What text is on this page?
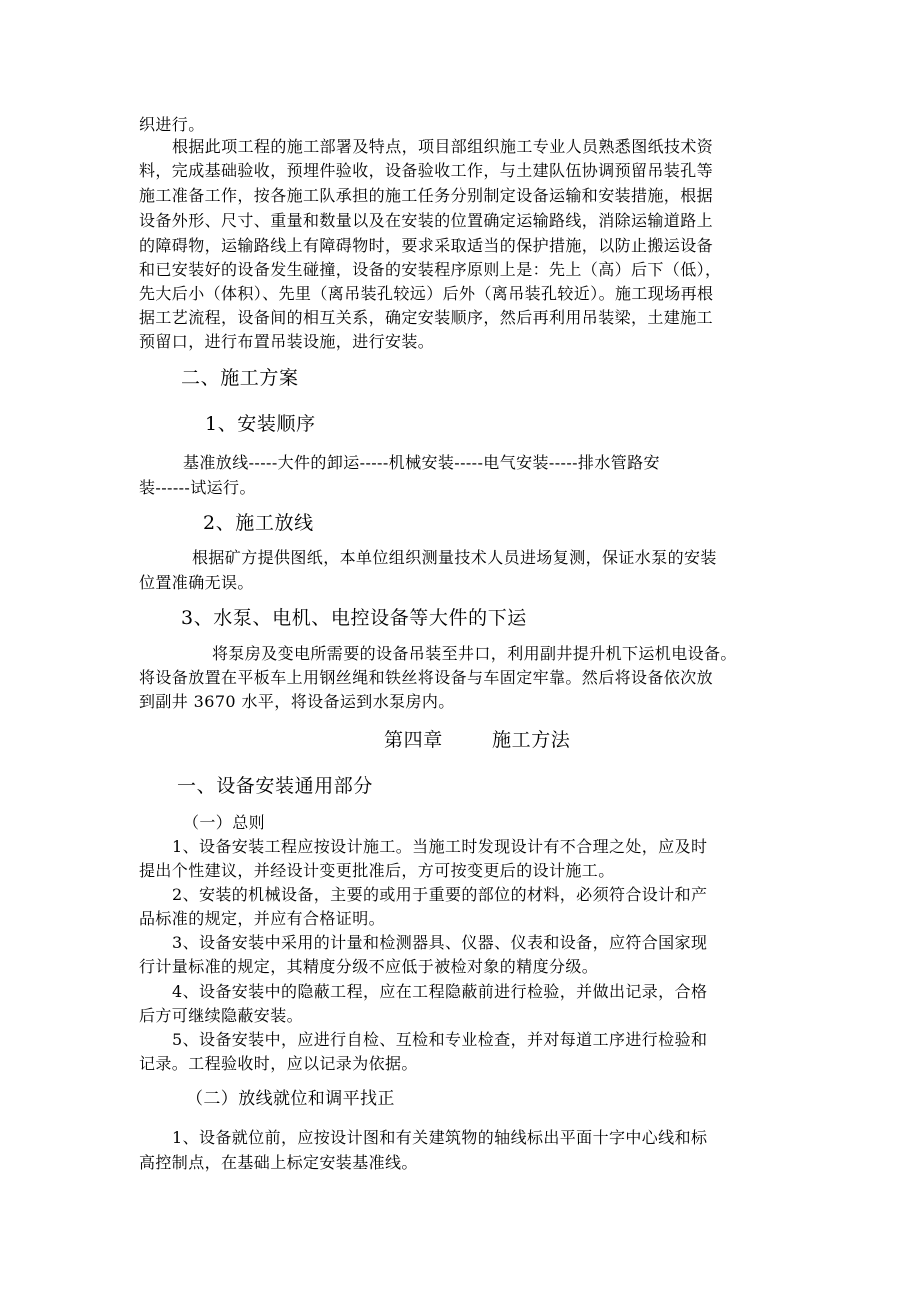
织进行。
根据此项工程的施工部署及特点，项目部组织施工专业人员熟悉图纸技术资
料，完成基础验收，预埋件验收，设备验收工作，与土建队伍协调预留吊装孔等
施工准备工作，按各施工队承担的施工任务分别制定设备运输和安装措施，根据
设备外形、尺寸、重量和数量以及在安装的位置确定运输路线，消除运输道路上
的障碍物，运输路线上有障碍物时，要求采取适当的保护措施，以防止搬运设备
和已安装好的设备发生碰撞，设备的安装程序原则上是：先上（高）后下（低），
先大后小（体积）、先里（离吊装孔较远）后外（离吊装孔较近）。施工现场再根
据工艺流程，设备间的相互关系，确定安装顺序，然后再利用吊装梁，土建施工
预留口，进行布置吊装设施，进行安装。
二、施工方案
1、安装顺序
基准放线-----大件的卸运-----机械安装-----电气安装-----排水管路安
装------试运行。
2、施工放线
根据矿方提供图纸，本单位组织测量技术人员进场复测，保证水泵的安装
位置准确无误。
3、水泵、电机、电控设备等大件的下运
将泵房及变电所需要的设备吊装至井口，利用副井提升机下运机电设备。
将设备放置在平板车上用钢丝绳和铁丝将设备与车固定牢靠。然后将设备依次放
到副井 3670 水平，将设备运到水泵房内。
第四章	施工方法
一、设备安装通用部分
（一）总则
1、设备安装工程应按设计施工。当施工时发现设计有不合理之处，应及时
提出个性建议，并经设计变更批准后，方可按变更后的设计施工。
2、安装的机械设备，主要的或用于重要的部位的材料，必须符合设计和产
品标准的规定，并应有合格证明。
3、设备安装中采用的计量和检测器具、仪器、仪表和设备，应符合国家现
行计量标准的规定，其精度分级不应低于被检对象的精度分级。
4、设备安装中的隐蔽工程，应在工程隐蔽前进行检验，并做出记录，合格
后方可继续隐蔽安装。
5、设备安装中，应进行自检、互检和专业检查，并对每道工序进行检验和
记录。工程验收时，应以记录为依据。
（二）放线就位和调平找正
1、设备就位前，应按设计图和有关建筑物的轴线标出平面十字中心线和标
高控制点，在基础上标定安装基准线。
